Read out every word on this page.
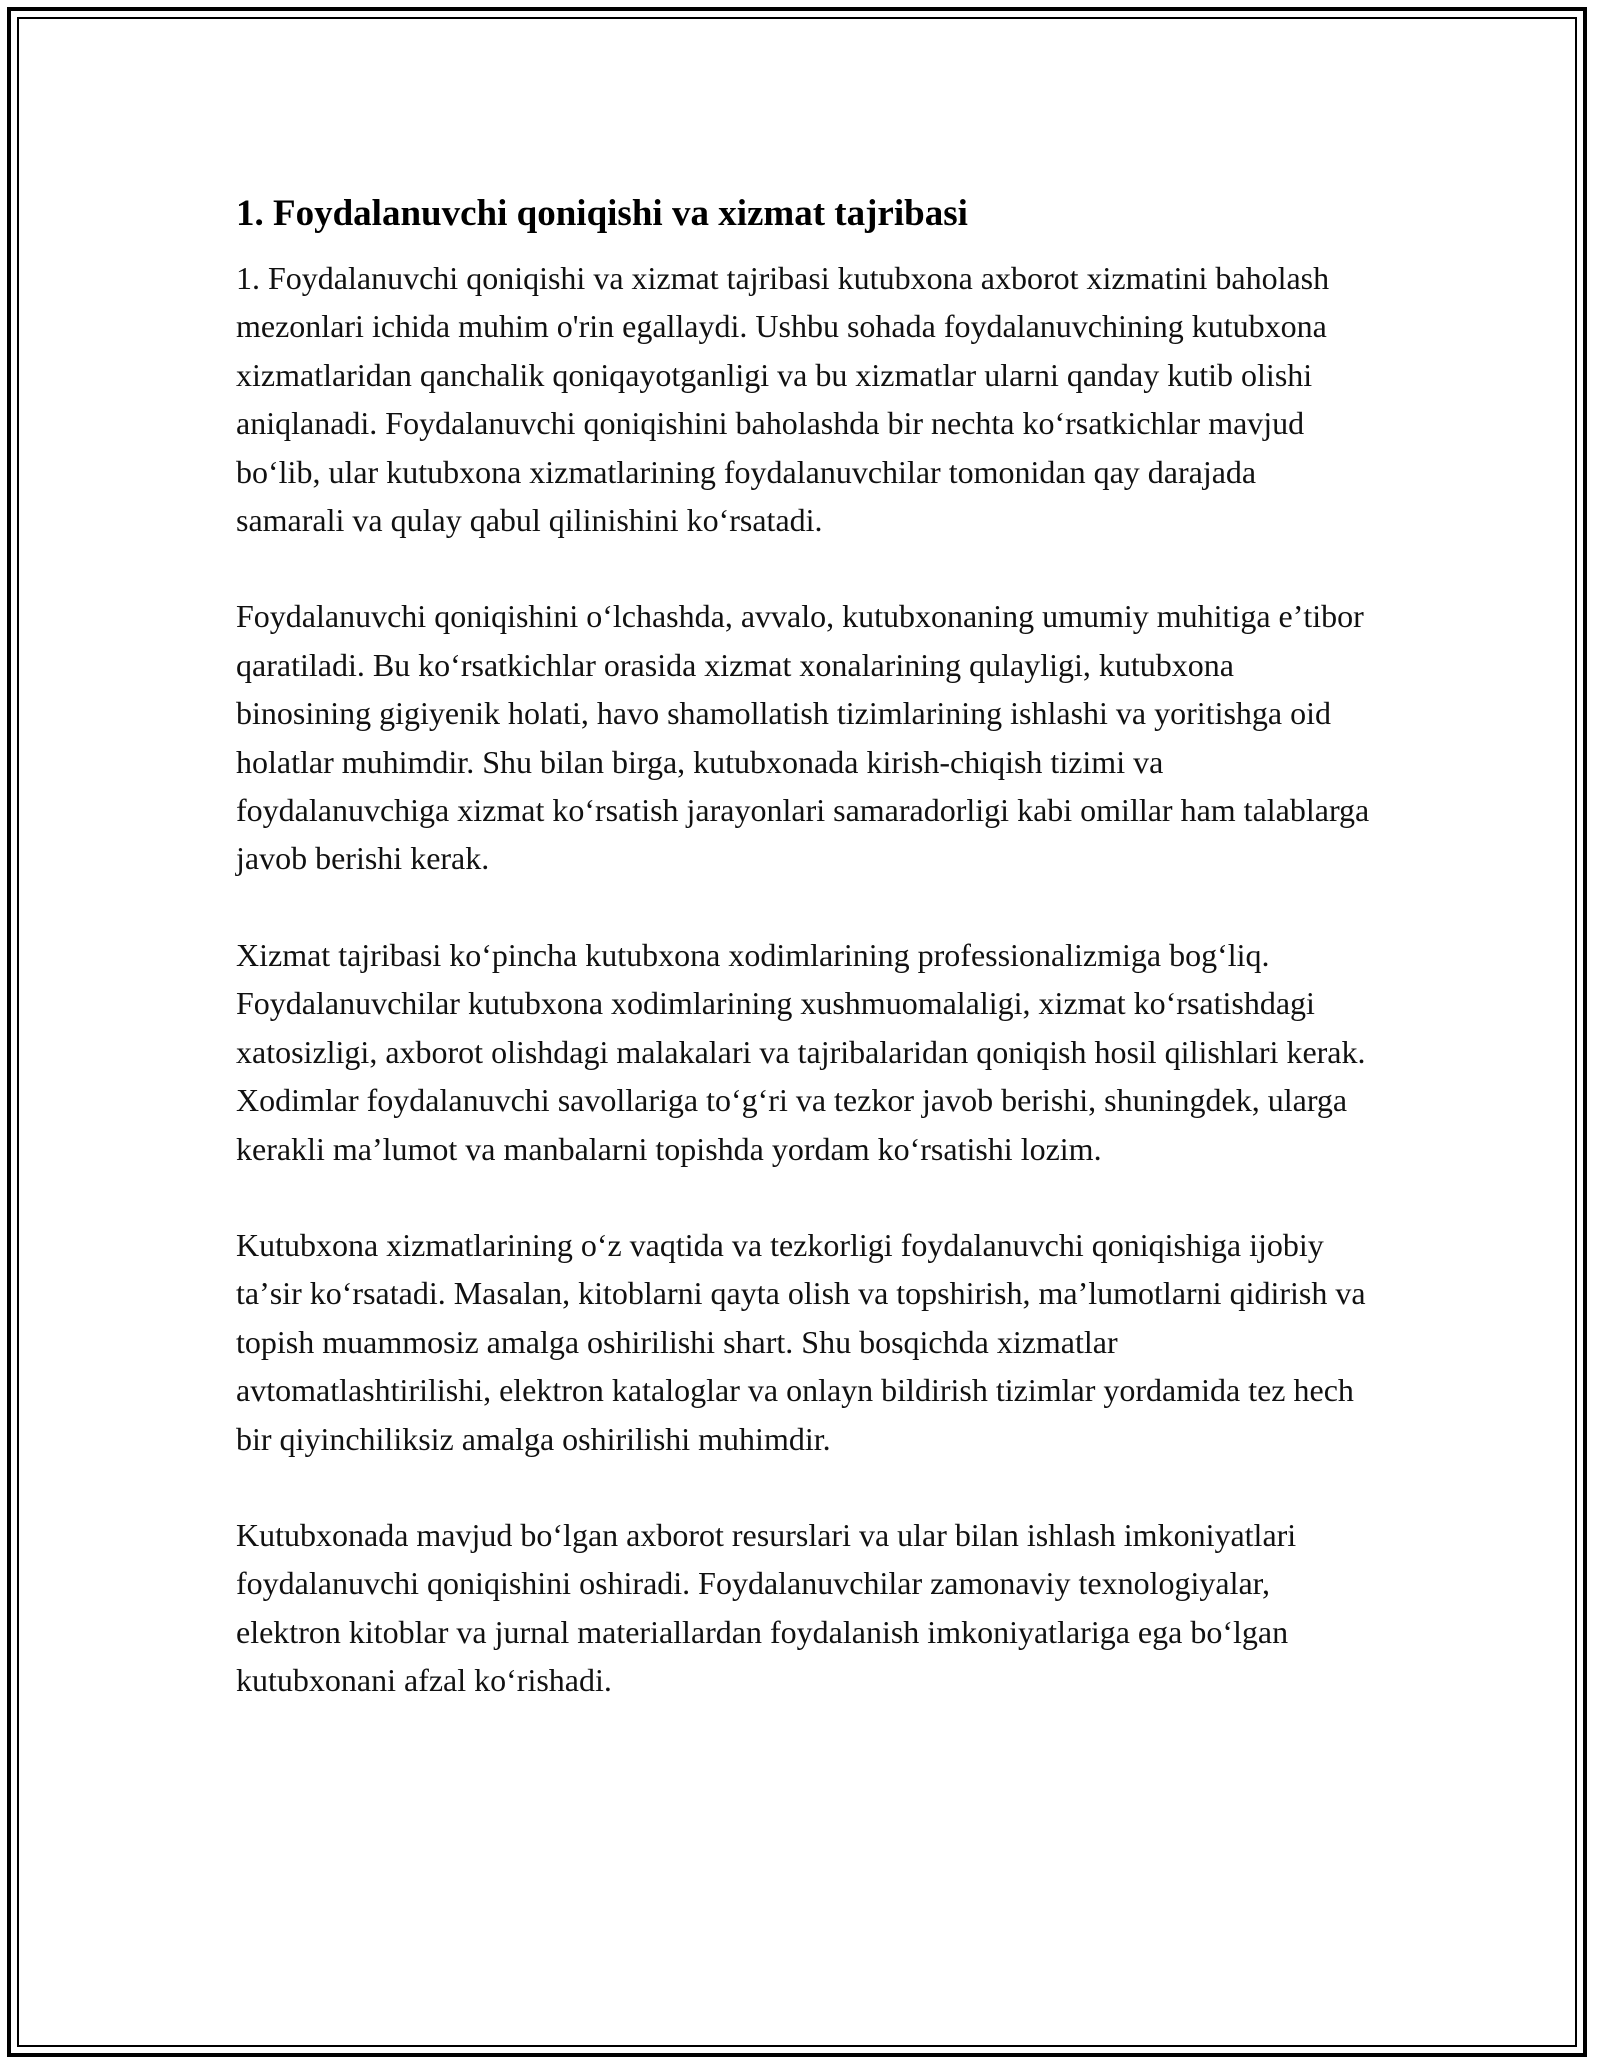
1. Foydalanuvchi qoniqishi va xizmat tajribasi

1. Foydalanuvchi qoniqishi va xizmat tajribasi kutubxona axborot xizmatini baholash mezonlari ichida muhim o'rin egallaydi. Ushbu sohada foydalanuvchining kutubxona xizmatlaridan qanchalik qoniqayotganligi va bu xizmatlar ularni qanday kutib olishi aniqlanadi. Foydalanuvchi qoniqishini baholashda bir nechta koʻrsatkichlar mavjud boʻlib, ular kutubxona xizmatlarining foydalanuvchilar tomonidan qay darajada samarali va qulay qabul qilinishini koʻrsatadi.

Foydalanuvchi qoniqishini oʻlchashda, avvalo, kutubxonaning umumiy muhitiga eʼtibor qaratiladi. Bu koʻrsatkichlar orasida xizmat xonalarining qulayligi, kutubxona binosining gigiyenik holati, havo shamollatish tizimlarining ishlashi va yoritishga oid holatlar muhimdir. Shu bilan birga, kutubxonada kirish-chiqish tizimi va foydalanuvchiga xizmat koʻrsatish jarayonlari samaradorligi kabi omillar ham talablarga javob berishi kerak.

Xizmat tajribasi koʻpincha kutubxona xodimlarining professionalizmiga bogʻliq. Foydalanuvchilar kutubxona xodimlarining xushmuomalaligi, xizmat koʻrsatishdagi xatosizligi, axborot olishdagi malakalari va tajribalaridan qoniqish hosil qilishlari kerak. Xodimlar foydalanuvchi savollariga toʻgʻri va tezkor javob berishi, shuningdek, ularga kerakli maʼlumot va manbalarni topishda yordam koʻrsatishi lozim.

Kutubxona xizmatlarining oʻz vaqtida va tezkorligi foydalanuvchi qoniqishiga ijobiy taʼsir koʻrsatadi. Masalan, kitoblarni qayta olish va topshirish, maʼlumotlarni qidirish va topish muammosiz amalga oshirilishi shart. Shu bosqichda xizmatlar avtomatlashtirilishi, elektron kataloglar va onlayn bildirish tizimlar yordamida tez hech bir qiyinchiliksiz amalga oshirilishi muhimdir.

Kutubxonada mavjud boʻlgan axborot resurslari va ular bilan ishlash imkoniyatlari foydalanuvchi qoniqishini oshiradi. Foydalanuvchilar zamonaviy texnologiyalar, elektron kitoblar va jurnal materiallardan foydalanish imkoniyatlariga ega boʻlgan kutubxonani afzal koʻrishadi.
